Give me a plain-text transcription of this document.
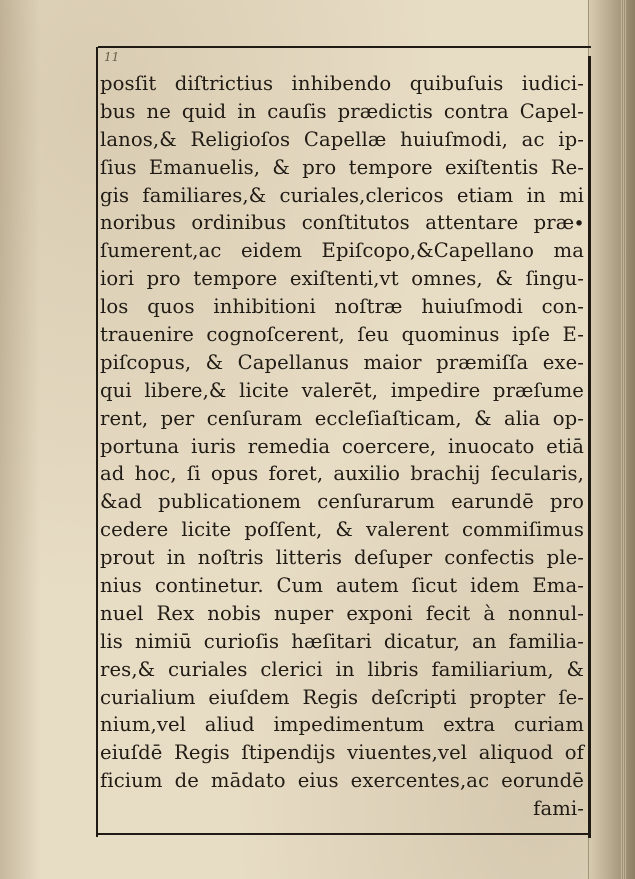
11
posſit diſtrictius inhibendo quibuſuis iudici-
bus ne quid in cauſis prædictis contra Capel-
lanos,& Religioſos Capellæ huiuſmodi, ac ip-
ſius Emanuelis, & pro tempore exiſtentis Re-
gis familiares,& curiales,clericos etiam in mi
noribus ordinibus conſtitutos attentare præ∙
ſumerent,ac eidem Epiſcopo,&Capellano ma
iori pro tempore exiſtenti,vt omnes, & ſingu-
los quos inhibitioni noſtræ huiuſmodi con-
trauenire cognoſcerent, ſeu quominus ipſe E-
piſcopus, & Capellanus maior præmiſſa exe-
qui libere,& licite valerēt, impedire præſume
rent, per cenſuram eccleſiaſticam, & alia op-
portuna iuris remedia coercere, inuocato etiā
ad hoc, ſi opus foret, auxilio brachij ſecularis,
&ad publicationem cenſurarum earundē pro
cedere licite poſſent, & valerent commiſimus
prout in noſtris litteris deſuper confectis ple-
nius continetur. Cum autem ſicut idem Ema-
nuel Rex nobis nuper exponi fecit à nonnul-
lis nimiū curioſis hæſitari dicatur, an familia-
res,& curiales clerici in libris familiarium, &
curialium eiuſdem Regis deſcripti propter ſe-
nium,vel aliud impedimentum extra curiam
eiuſdē Regis ſtipendijs viuentes,vel aliquod of
ficium de mādato eius exercentes,ac eorundē
fami-
